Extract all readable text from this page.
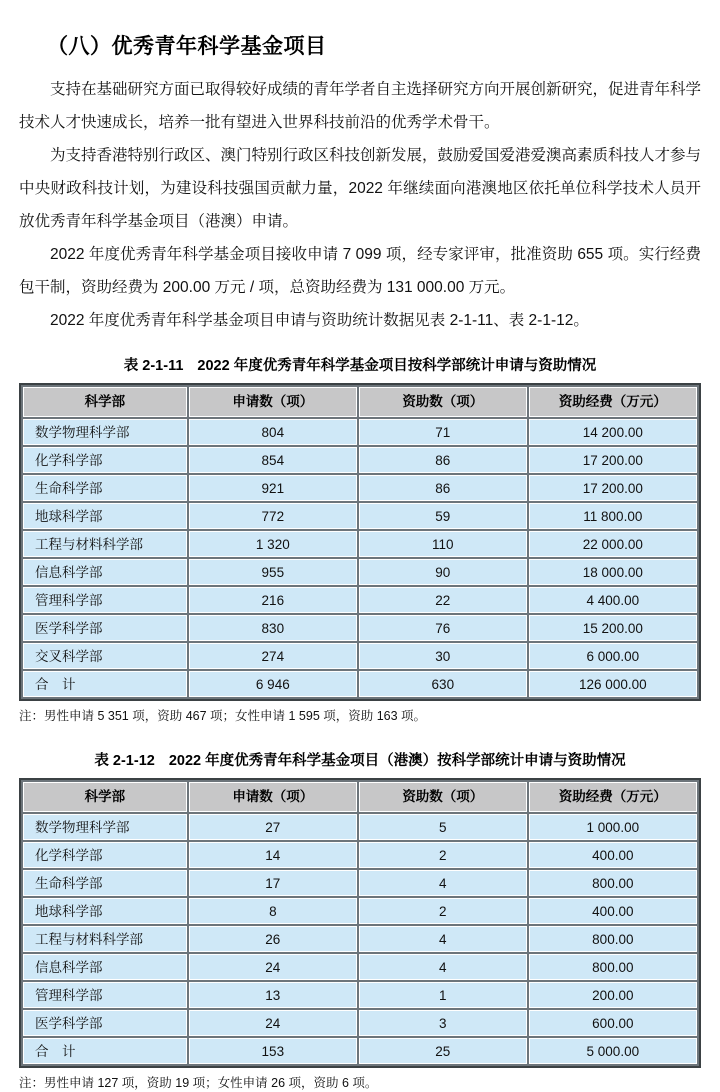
（八）优秀青年科学基金项目

支持在基础研究方面已取得较好成绩的青年学者自主选择研究方向开展创新研究，促进青年科学技术人才快速成长，培养一批有望进入世界科技前沿的优秀学术骨干。

为支持香港特别行政区、澳门特别行政区科技创新发展，鼓励爱国爱港爱澳高素质科技人才参与中央财政科技计划，为建设科技强国贡献力量，2022 年继续面向港澳地区依托单位科学技术人员开放优秀青年科学基金项目（港澳）申请。

2022 年度优秀青年科学基金项目接收申请 7 099 项，经专家评审，批准资助 655 项。实行经费包干制，资助经费为 200.00 万元 / 项，总资助经费为 131 000.00 万元。

2022 年度优秀青年科学基金项目申请与资助统计数据见表 2-1-11、表 2-1-12。

表 2-1-11 2022 年度优秀青年科学基金项目按科学部统计申请与资助情况
科学部	申请数（项）	资助数（项）	资助经费（万元）
数学物理科学部	804	71	14 200.00
化学科学部	854	86	17 200.00
生命科学部	921	86	17 200.00
地球科学部	772	59	11 800.00
工程与材料科学部	1 320	110	22 000.00
信息科学部	955	90	18 000.00
管理科学部	216	22	4 400.00
医学科学部	830	76	15 200.00
交叉科学部	274	30	6 000.00
合　计	6 946	630	126 000.00
注：男性申请 5 351 项，资助 467 项；女性申请 1 595 项，资助 163 项。
表 2-1-12 2022 年度优秀青年科学基金项目（港澳）按科学部统计申请与资助情况
科学部	申请数（项）	资助数（项）	资助经费（万元）
数学物理科学部	27	5	1 000.00
化学科学部	14	2	400.00
生命科学部	17	4	800.00
地球科学部	8	2	400.00
工程与材料科学部	26	4	800.00
信息科学部	24	4	800.00
管理科学部	13	1	200.00
医学科学部	24	3	600.00
合　计	153	25	5 000.00
注：男性申请 127 项，资助 19 项；女性申请 26 项，资助 6 项。
